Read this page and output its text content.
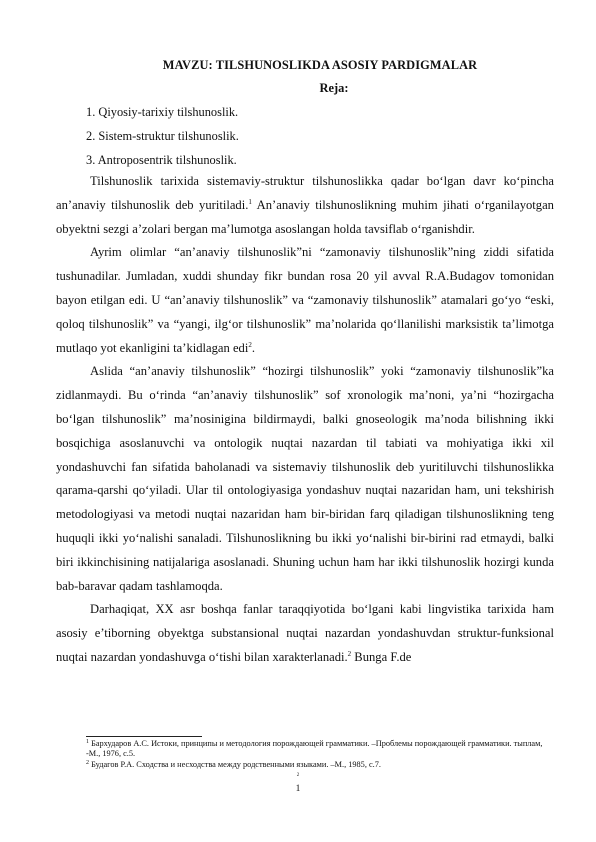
MAVZU: TILSHUNOSLIKDA ASOSIY PARDIGMALAR
Reja:
1. Qiyosiy-tarixiy tilshunoslik.
2. Sistem-struktur tilshunoslik.
3. Antroposentrik tilshunoslik.

Tilshunoslik tarixida sistemaviy-struktur tilshunoslikka qadar bo‘lgan davr ko‘pincha an’anaviy tilshunoslik deb yuritiladi.$^1$ An’anaviy tilshunoslikning muhim jihati o‘rganilayotgan obyektni sezgi a’zolari bergan ma’lumotga asoslangan holda tavsiflab o‘rganishdir.

Ayrim olimlar “an’anaviy tilshunoslik”ni “zamonaviy tilshunoslik”ning ziddi sifatida tushunadilar. Jumladan, xuddi shunday fikr bundan rosa 20 yil avval R.A.Budagov tomonidan bayon etilgan edi. U “an’anaviy tilshunoslik” va “zamonaviy tilshunoslik” atamalari go‘yo “eski, qoloq tilshunoslik” va “yangi, ilg‘or tilshunoslik” ma’nolarida qo‘llanilishi marksistik ta’limotga mutlaqo yot ekanligini ta’kidlagan edi$^2$.

Aslida “an’anaviy tilshunoslik” “hozirgi tilshunoslik” yoki “zamonaviy tilshunoslik”ka zidlanmaydi. Bu o‘rinda “an’anaviy tilshunoslik” sof xronologik ma’noni, ya’ni “hozirgacha bo‘lgan tilshunoslik” ma’nosinigina bildirmaydi, balki gnoseologik ma’noda bilishning ikki bosqichiga asoslanuvchi va ontologik nuqtai nazardan til tabiati va mohiyatiga ikki xil yondashuvchi fan sifatida baholanadi va sistemaviy tilshunoslik deb yuritiluvchi tilshunoslikka qarama-qarshi qo‘yiladi. Ular til ontologiyasiga yondashuv nuqtai nazaridan ham, uni tekshirish metodologiyasi va metodi nuqtai nazaridan ham bir-biridan farq qiladigan tilshunoslikning teng huquqli ikki yo‘nalishi sanaladi. Tilshunoslikning bu ikki yo‘nalishi bir-birini rad etmaydi, balki biri ikkinchisining natijalariga asoslanadi. Shuning uchun ham har ikki tilshunoslik hozirgi kunda bab-baravar qadam tashlamoqda.

Darhaqiqat, XX asr boshqa fanlar taraqqiyotida bo‘lgani kabi lingvistika tarixida ham asosiy e’tiborning obyektga substansional nuqtai nazardan yondashuvdan struktur-funksional nuqtai nazardan yondashuvga o‘tishi bilan xarakterlanadi.$^2$ Bunga F.de

$^1$ Бархударов А.С. Истоки, принципы и методология порождающей грамматики. –Проблемы порождающей грамматики. тыплам, -М., 1976, с.5.

$^2$ Будагов Р.А. Сходства и несходства между родственными языками. –М., 1985, с.7.

2
1
